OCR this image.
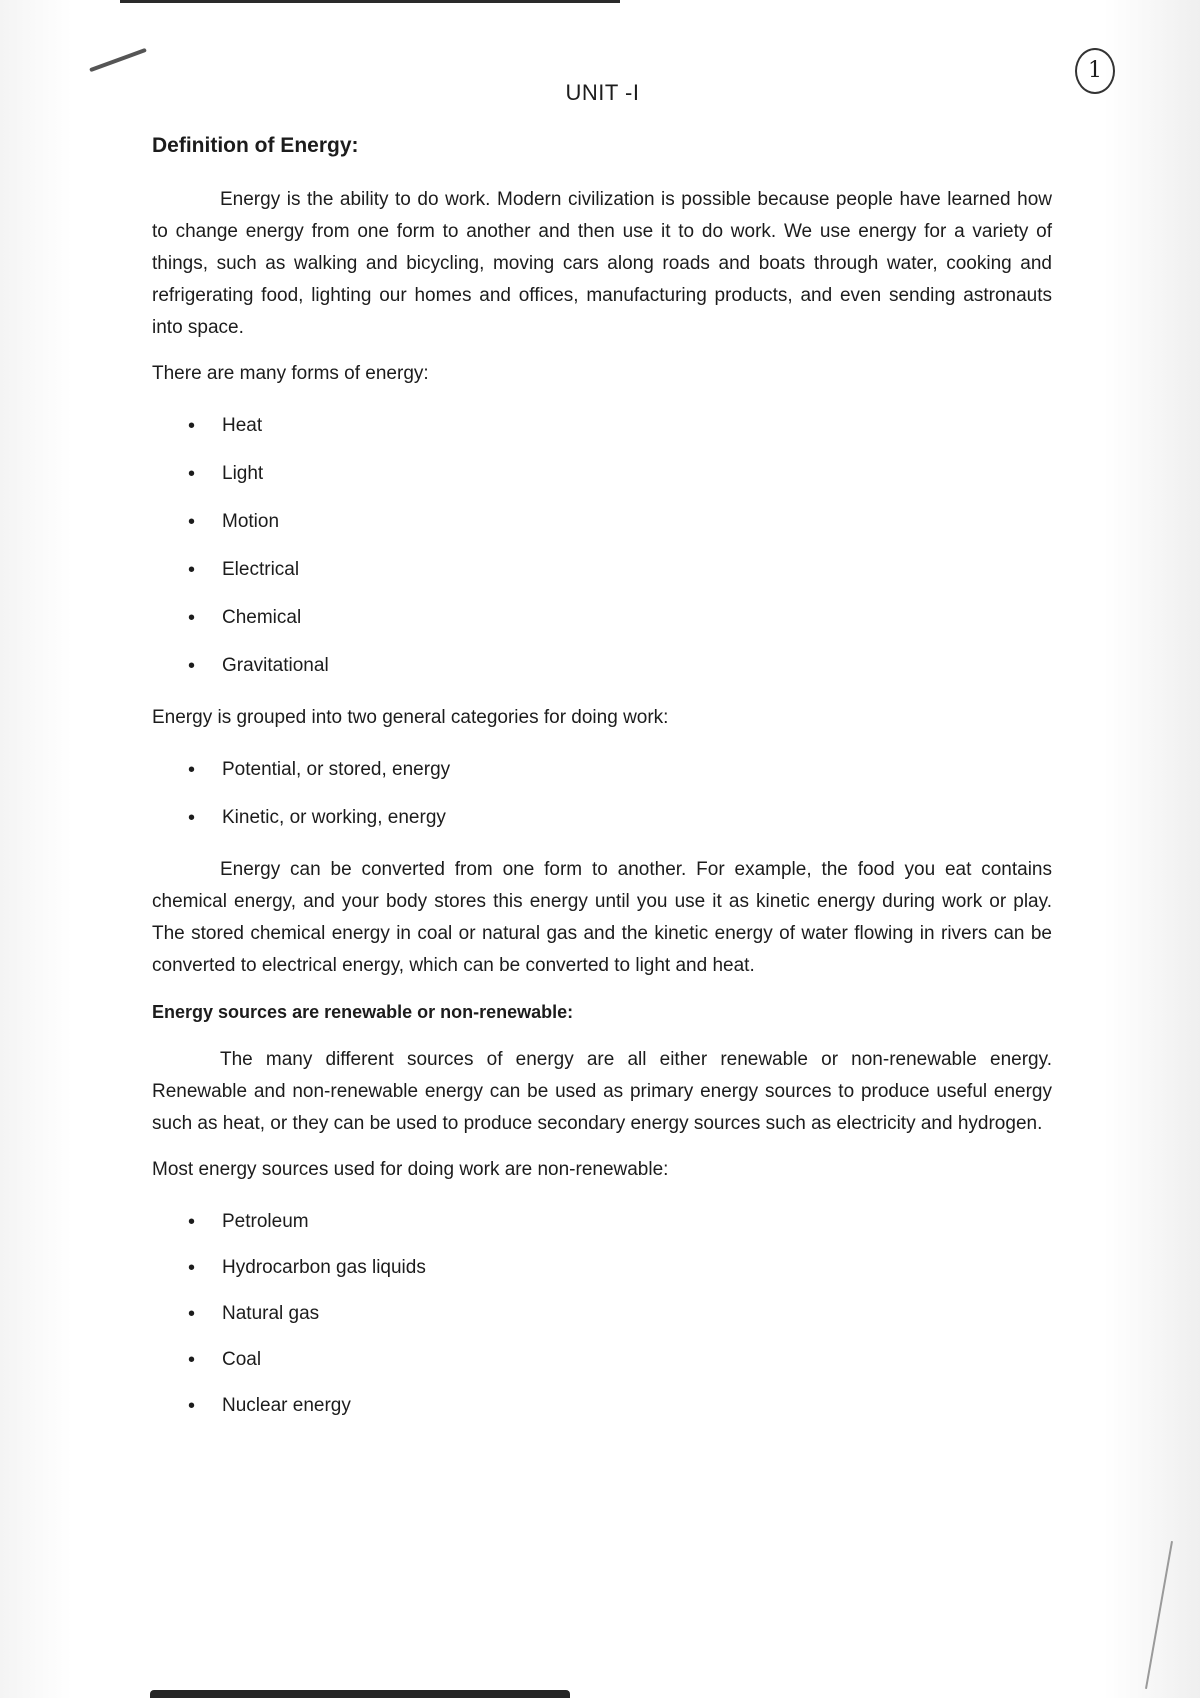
1
UNIT -I
Definition of Energy:

Energy is the ability to do work. Modern civilization is possible because people have learned how to change energy from one form to another and then use it to do work. We use energy for a variety of things, such as walking and bicycling, moving cars along roads and boats through water, cooking and refrigerating food, lighting our homes and offices, manufacturing products, and even sending astronauts into space.

There are many forms of energy:

• Heat
• Light
• Motion
• Electrical
• Chemical
• Gravitational

Energy is grouped into two general categories for doing work:

• Potential, or stored, energy
• Kinetic, or working, energy

Energy can be converted from one form to another. For example, the food you eat contains chemical energy, and your body stores this energy until you use it as kinetic energy during work or play. The stored chemical energy in coal or natural gas and the kinetic energy of water flowing in rivers can be converted to electrical energy, which can be converted to light and heat.

Energy sources are renewable or non-renewable:

The many different sources of energy are all either renewable or non-renewable energy. Renewable and non-renewable energy can be used as primary energy sources to produce useful energy such as heat, or they can be used to produce secondary energy sources such as electricity and hydrogen.

Most energy sources used for doing work are non-renewable:

• Petroleum
• Hydrocarbon gas liquids
• Natural gas
• Coal
• Nuclear energy
